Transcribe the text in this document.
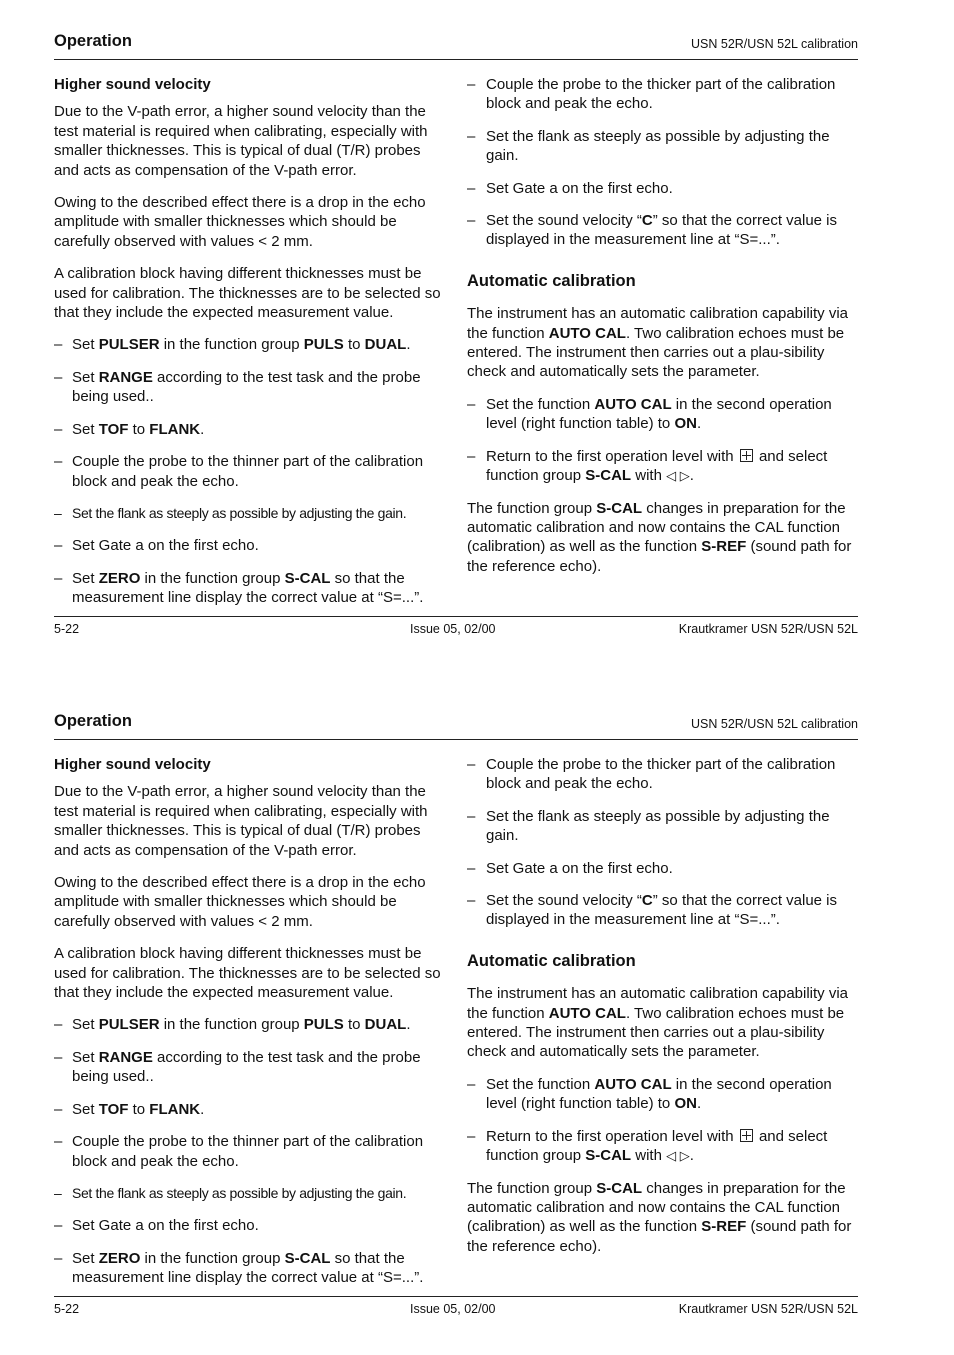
Operation	USN 52R/USN 52L calibration
Higher sound velocity

Due to the V-path error, a higher sound velocity than the test material is required when calibrating, especially with smaller thicknesses. This is typical of dual (T/R) probes and acts as compensation of the V-path error.

Owing to the described effect there is a drop in the echo amplitude with smaller thicknesses which should be carefully observed with values < 2 mm.

A calibration block having different thicknesses must be used for calibration. The thicknesses are to be selected so that they include the expected measurement value.

– Set PULSER in the function group PULS to DUAL.
– Set RANGE according to the test task and the probe being used..
– Set TOF to FLANK.
– Couple the probe to the thinner part of the calibration block and peak the echo.
– Set the flank as steeply as possible by adjusting the gain.
– Set Gate a on the first echo.
– Set ZERO in the function group S-CAL so that the measurement line display the correct value at “S=...”.
– Couple the probe to the thicker part of the calibration block and peak the echo.
– Set the flank as steeply as possible by adjusting the gain.
– Set Gate a on the first echo.
– Set the sound velocity “C” so that the correct value is displayed in the measurement line at “S=...”.
Automatic calibration

The instrument has an automatic calibration capability via the function AUTO CAL. Two calibration echoes must be entered. The instrument then carries out a plau-sibility check and automatically sets the parameter.

– Set the function AUTO CAL in the second operation level (right function table) to ON.
– Return to the first operation level with  and select function group S-CAL with ◁ ▷.

The function group S-CAL changes in preparation for the automatic calibration and now contains the CAL function (calibration) as well as the function S-REF (sound path for the reference echo).

5-22	Issue 05, 02/00	Krautkramer USN 52R/USN 52L
Operation	USN 52R/USN 52L calibration
Higher sound velocity

Due to the V-path error, a higher sound velocity than the test material is required when calibrating, especially with smaller thicknesses. This is typical of dual (T/R) probes and acts as compensation of the V-path error.

Owing to the described effect there is a drop in the echo amplitude with smaller thicknesses which should be carefully observed with values < 2 mm.

A calibration block having different thicknesses must be used for calibration. The thicknesses are to be selected so that they include the expected measurement value.

– Set PULSER in the function group PULS to DUAL.
– Set RANGE according to the test task and the probe being used..
– Set TOF to FLANK.
– Couple the probe to the thinner part of the calibration block and peak the echo.
– Set the flank as steeply as possible by adjusting the gain.
– Set Gate a on the first echo.
– Set ZERO in the function group S-CAL so that the measurement line display the correct value at “S=...”.
– Couple the probe to the thicker part of the calibration block and peak the echo.
– Set the flank as steeply as possible by adjusting the gain.
– Set Gate a on the first echo.
– Set the sound velocity “C” so that the correct value is displayed in the measurement line at “S=...”.
Automatic calibration

The instrument has an automatic calibration capability via the function AUTO CAL. Two calibration echoes must be entered. The instrument then carries out a plau-sibility check and automatically sets the parameter.

– Set the function AUTO CAL in the second operation level (right function table) to ON.
– Return to the first operation level with  and select function group S-CAL with ◁ ▷.

The function group S-CAL changes in preparation for the automatic calibration and now contains the CAL function (calibration) as well as the function S-REF (sound path for the reference echo).

5-22	Issue 05, 02/00	Krautkramer USN 52R/USN 52L
